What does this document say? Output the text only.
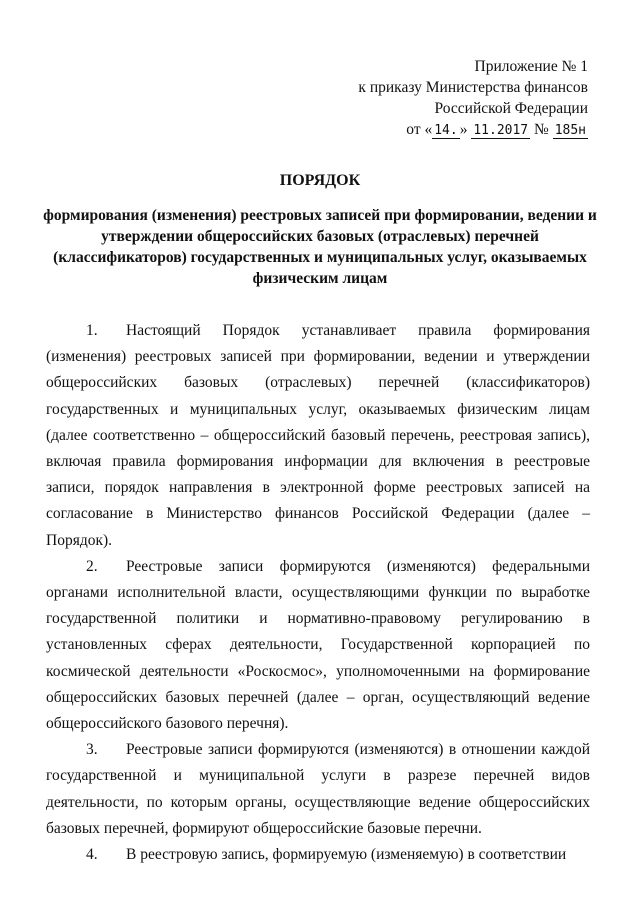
Приложение № 1
к приказу Министерства финансов
Российской Федерации
от « 14. » 11.2017 № 185н
ПОРЯДОК
формирования (изменения) реестровых записей при формировании, ведении и утверждении общероссийских базовых (отраслевых) перечней (классификаторов) государственных и муниципальных услуг, оказываемых физическим лицам

1. Настоящий Порядок устанавливает правила формирования (изменения) реестровых записей при формировании, ведении и утверждении общероссийских базовых (отраслевых) перечней (классификаторов) государственных и муниципальных услуг, оказываемых физическим лицам (далее соответственно – общероссийский базовый перечень, реестровая запись), включая правила формирования информации для включения в реестровые записи, порядок направления в электронной форме реестровых записей на согласование в Министерство финансов Российской Федерации (далее – Порядок).

2. Реестровые записи формируются (изменяются) федеральными органами исполнительной власти, осуществляющими функции по выработке государственной политики и нормативно-правовому регулированию в установленных сферах деятельности, Государственной корпорацией по космической деятельности «Роскосмос», уполномоченными на формирование общероссийских базовых перечней (далее – орган, осуществляющий ведение общероссийского базового перечня).

3. Реестровые записи формируются (изменяются) в отношении каждой государственной и муниципальной услуги в разрезе перечней видов деятельности, по которым органы, осуществляющие ведение общероссийских базовых перечней, формируют общероссийские базовые перечни.

4. В реестровую запись, формируемую (изменяемую) в соответствии
